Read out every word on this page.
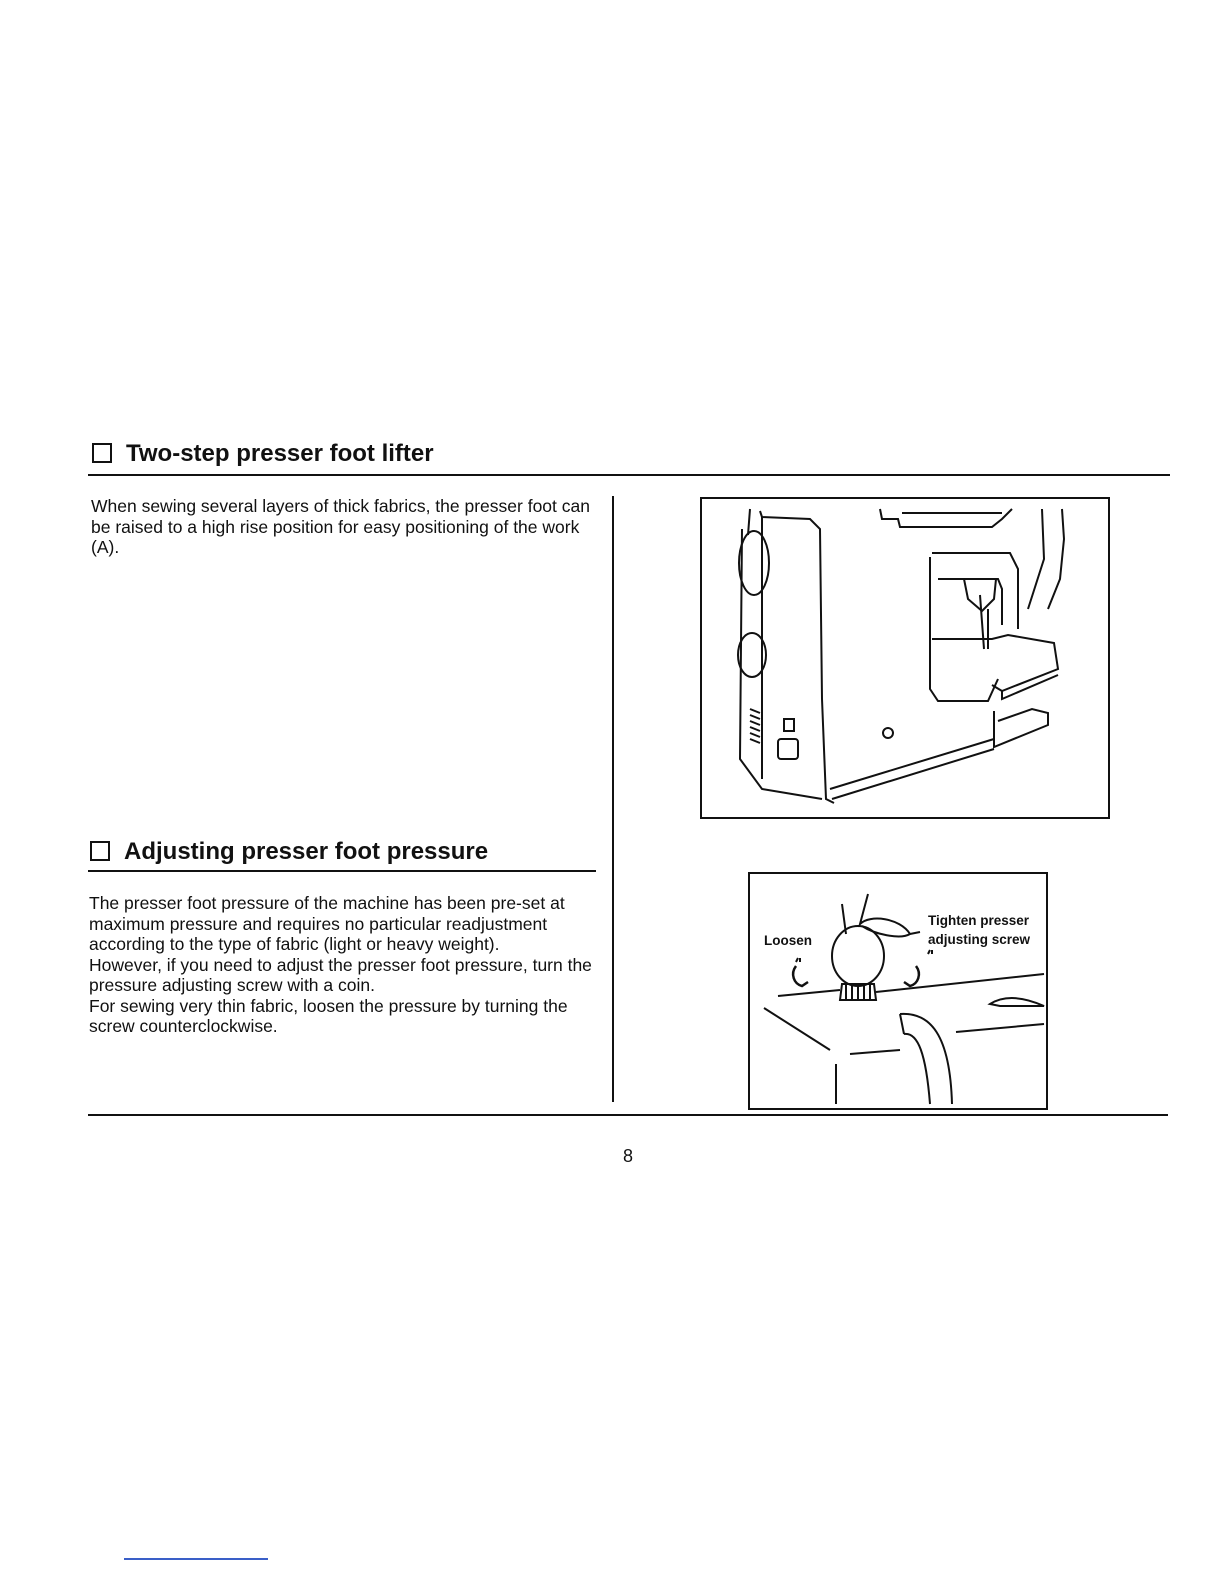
Two-step presser foot lifter

When sewing several layers of thick fabrics, the presser foot can be raised to a high rise position for easy positioning of the work (A).

Adjusting presser foot pressure

The presser foot pressure of the machine has been pre-set at maximum pressure and requires no particular readjustment according to the type of fabric (light or heavy weight).

However, if you need to adjust the presser foot pressure, turn the pressure adjusting screw with a coin.

For sewing very thin fabric, loosen the pressure by turning the screw counterclockwise.

Loosen
Tighten presser
adjusting screw
8
